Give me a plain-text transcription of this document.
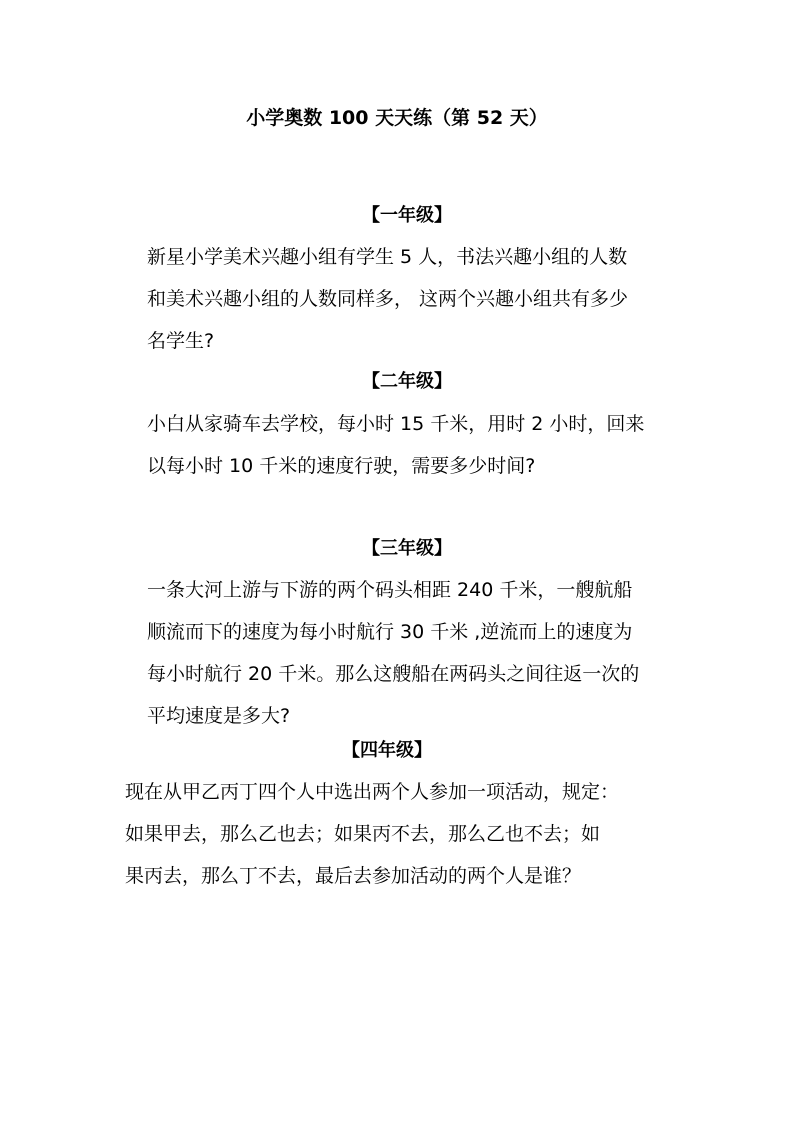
小学奥数 100 天天练（第 52 天）
【一年级】
新星小学美术兴趣小组有学生 5 人，书法兴趣小组的人数
和美术兴趣小组的人数同样多， 这两个兴趣小组共有多少
名学生?
【二年级】
小白从家骑车去学校，每小时 15 千米，用时 2 小时，回来
以每小时 10 千米的速度行驶，需要多少时间?
【三年级】
一条大河上游与下游的两个码头相距 240 千米，一艘航船
顺流而下的速度为每小时航行 30 千米 ,逆流而上的速度为
每小时航行 20 千米。那么这艘船在两码头之间往返一次的
平均速度是多大?
【四年级】
现在从甲乙丙丁四个人中选出两个人参加一项活动，规定：
如果甲去，那么乙也去；如果丙不去，那么乙也不去；如
果丙去，那么丁不去，最后去参加活动的两个人是谁？
